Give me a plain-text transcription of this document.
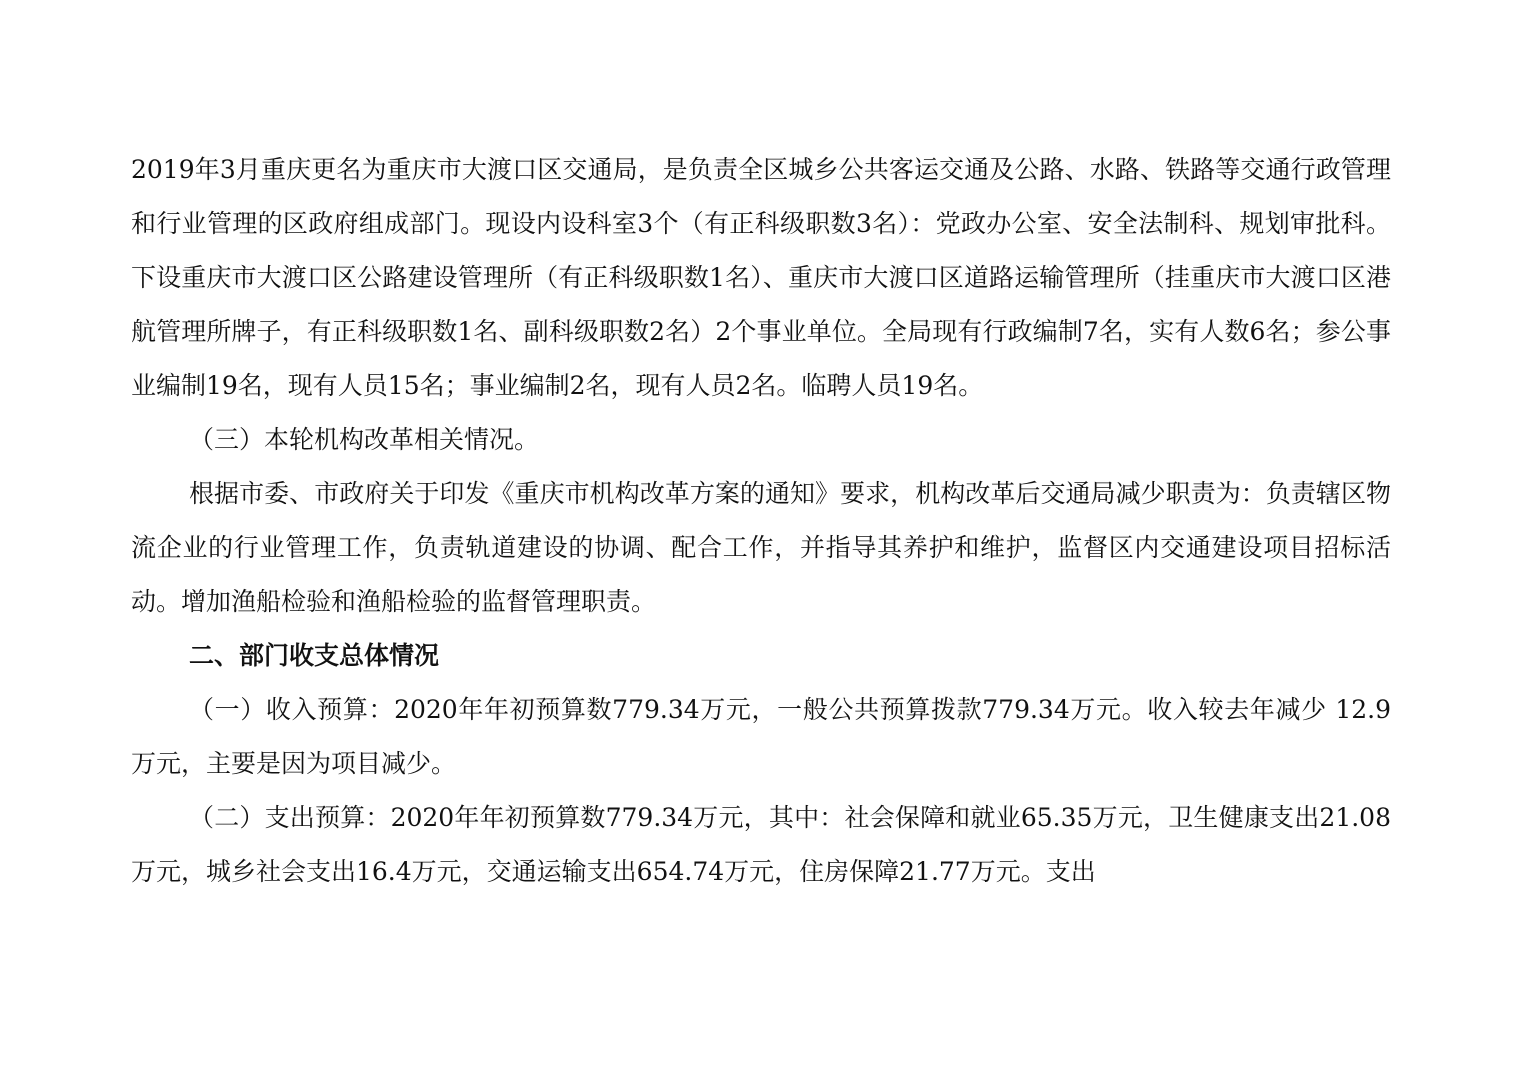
2019年3月重庆更名为重庆市大渡口区交通局，是负责全区城乡公共客运交通及公路、水路、铁路等交通行政管理和行业管理的区政府组成部门。现设内设科室3个（有正科级职数3名）：党政办公室、安全法制科、规划审批科。下设重庆市大渡口区公路建设管理所（有正科级职数1名）、重庆市大渡口区道路运输管理所（挂重庆市大渡口区港航管理所牌子，有正科级职数1名、副科级职数2名）2个事业单位。全局现有行政编制7名，实有人数6名；参公事业编制19名，现有人员15名；事业编制2名，现有人员2名。临聘人员19名。

（三）本轮机构改革相关情况。

根据市委、市政府关于印发《重庆市机构改革方案的通知》要求，机构改革后交通局减少职责为：负责辖区物流企业的行业管理工作，负责轨道建设的协调、配合工作，并指导其养护和维护，监督区内交通建设项目招标活动。增加渔船检验和渔船检验的监督管理职责。

二、部门收支总体情况

（一）收入预算：2020年年初预算数779.34万元，一般公共预算拨款779.34万元。收入较去年减少 12.9万元，主要是因为项目减少。

（二）支出预算：2020年年初预算数779.34万元，其中：社会保障和就业65.35万元，卫生健康支出21.08万元，城乡社会支出16.4万元，交通运输支出654.74万元，住房保障21.77万元。支出
